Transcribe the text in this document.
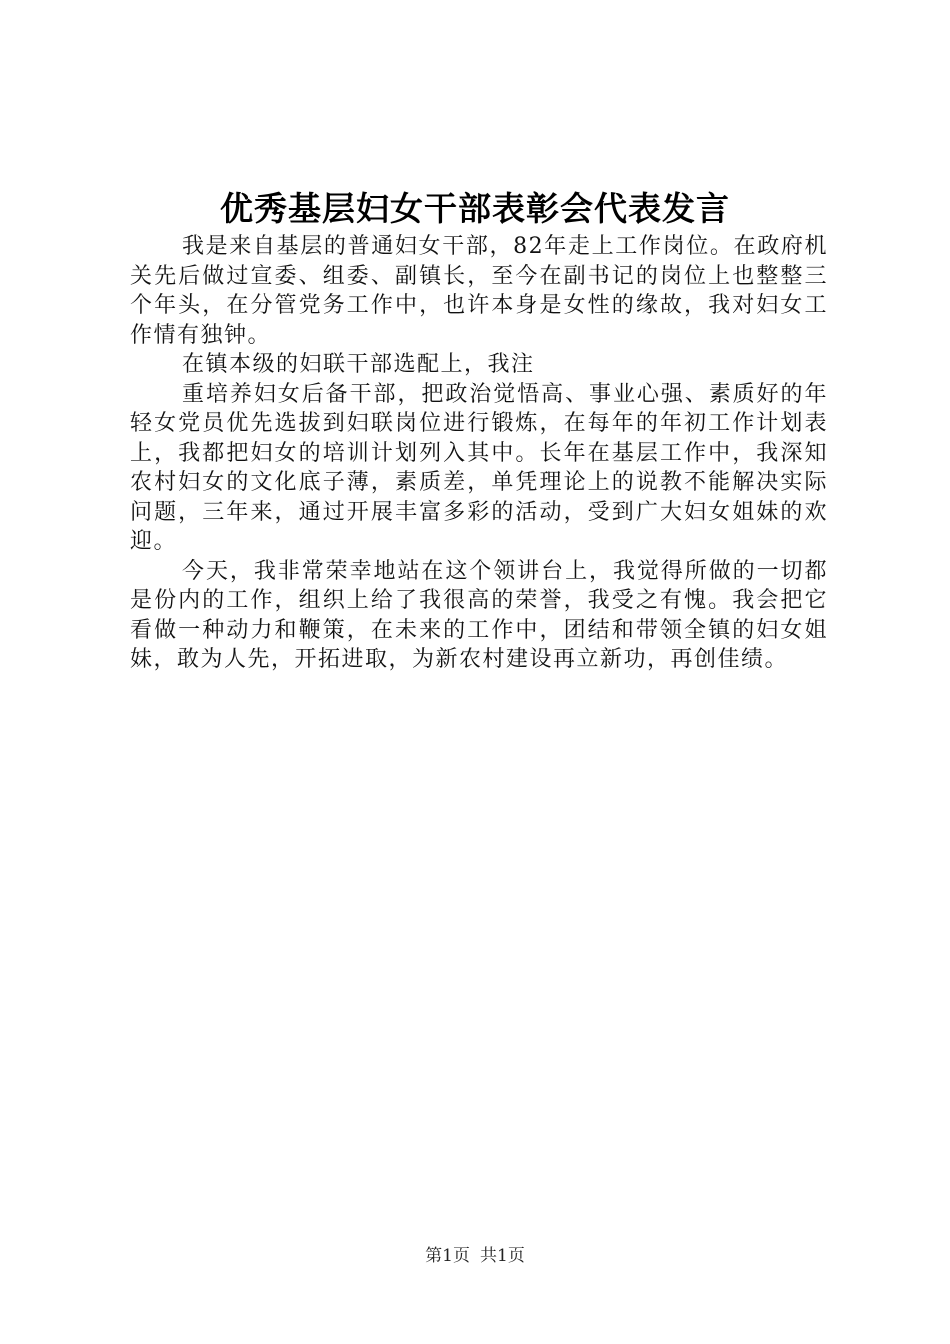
优秀基层妇女干部表彰会代表发言

我是来自基层的普通妇女干部，82年走上工作岗位。在政府机关先后做过宣委、组委、副镇长，至今在副书记的岗位上也整整三个年头，在分管党务工作中，也许本身是女性的缘故，我对妇女工作情有独钟。

在镇本级的妇联干部选配上，我注

重培养妇女后备干部，把政治觉悟高、事业心强、素质好的年轻女党员优先选拔到妇联岗位进行锻炼，在每年的年初工作计划表上，我都把妇女的培训计划列入其中。长年在基层工作中，我深知农村妇女的文化底子薄，素质差，单凭理论上的说教不能解决实际问题，三年来，通过开展丰富多彩的活动，受到广大妇女姐妹的欢迎。

今天，我非常荣幸地站在这个领讲台上，我觉得所做的一切都是份内的工作，组织上给了我很高的荣誉，我受之有愧。我会把它看做一种动力和鞭策，在未来的工作中，团结和带领全镇的妇女姐妹，敢为人先，开拓进取，为新农村建设再立新功，再创佳绩。

第1页 共1页
